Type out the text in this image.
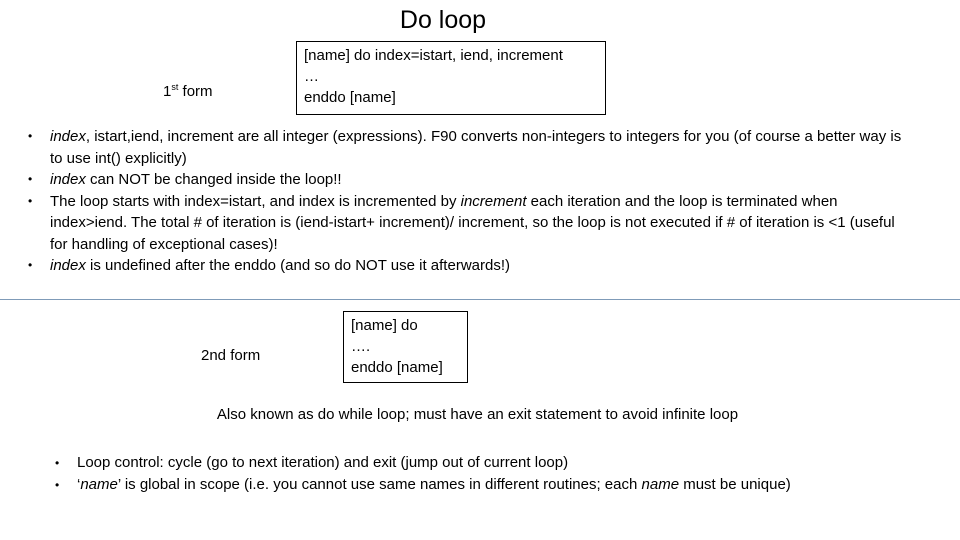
Do loop
1st form
[name] do index=istart, iend, increment
…
enddo [name]
• index, istart,iend, increment are all integer (expressions). F90 converts non-integers to integers for you (of course a better way is to use int() explicitly)
• index can NOT be changed inside the loop!!
• The loop starts with index=istart, and index is incremented by increment each iteration and the loop is terminated when index>iend. The total # of iteration is (iend-istart+ increment)/ increment, so the loop is not executed if # of iteration is <1 (useful for handling of exceptional cases)!
• index is undefined after the enddo (and so do NOT use it afterwards!)
2nd form
[name] do
….
enddo [name]
Also known as do while loop; must have an exit statement to avoid infinite loop
• Loop control: cycle (go to next iteration) and exit (jump out of current loop)
• ‘name’ is global in scope (i.e. you cannot use same names in different routines; each name must be unique)
